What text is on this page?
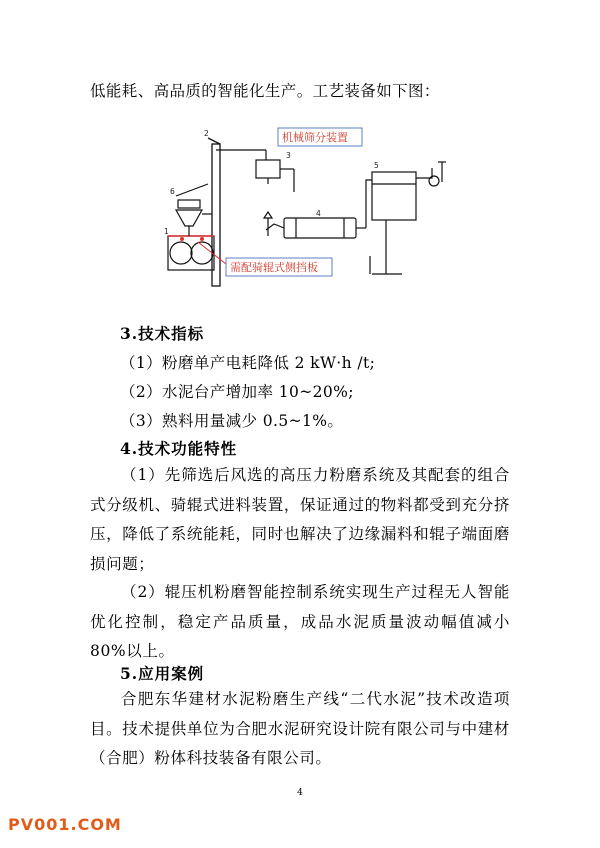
低能耗、高品质的智能化生产。工艺装备如下图：
机械筛分装置
需配骑辊式侧挡板
1
2
3
4
5
6
3.技术指标
（1）粉磨单产电耗降低 2 kW·h /t;
（2）水泥台产增加率 10~20%;
（3）熟料用量减少 0.5~1%。
4.技术功能特性
（1）先筛选后风选的高压力粉磨系统及其配套的组合式分级机、骑辊式进料装置，保证通过的物料都受到充分挤压，降低了系统能耗，同时也解决了边缘漏料和辊子端面磨损问题；
（2）辊压机粉磨智能控制系统实现生产过程无人智能优化控制，稳定产品质量，成品水泥质量波动幅值减小 80%以上。
5.应用案例
合肥东华建材水泥粉磨生产线“二代水泥”技术改造项目。技术提供单位为合肥水泥研究设计院有限公司与中建材（合肥）粉体科技装备有限公司。
4
PV001.COM
